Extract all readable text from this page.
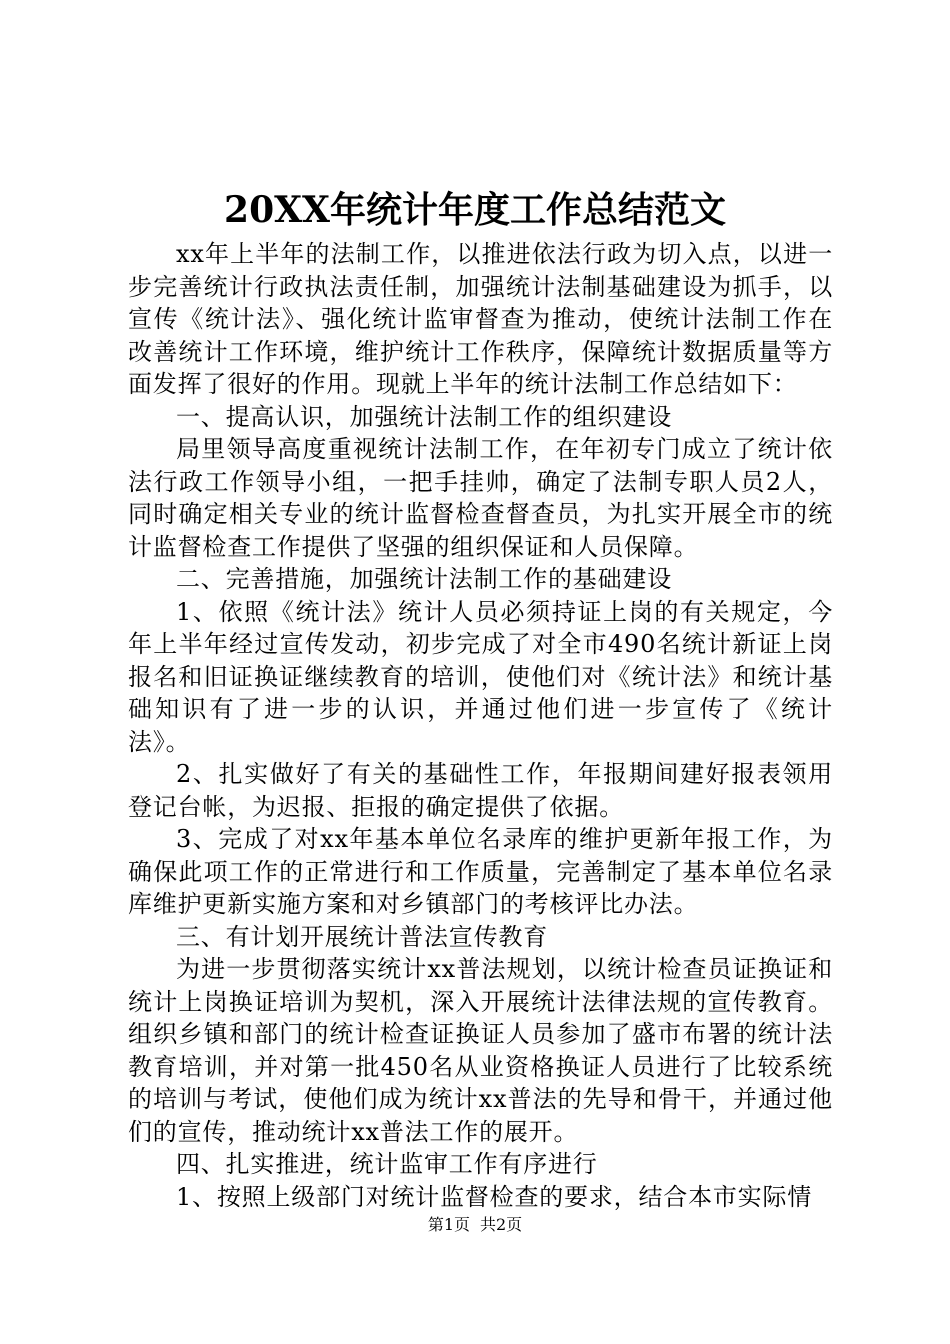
20XX年统计年度工作总结范文

xx年上半年的法制工作，以推进依法行政为切入点，以进一步完善统计行政执法责任制，加强统计法制基础建设为抓手，以宣传《统计法》、强化统计监审督查为推动，使统计法制工作在改善统计工作环境，维护统计工作秩序，保障统计数据质量等方面发挥了很好的作用。现就上半年的统计法制工作总结如下：

一、提高认识，加强统计法制工作的组织建设

局里领导高度重视统计法制工作，在年初专门成立了统计依法行政工作领导小组，一把手挂帅，确定了法制专职人员2人，同时确定相关专业的统计监督检查督查员，为扎实开展全市的统计监督检查工作提供了坚强的组织保证和人员保障。

二、完善措施，加强统计法制工作的基础建设

1、依照《统计法》统计人员必须持证上岗的有关规定，今年上半年经过宣传发动，初步完成了对全市490名统计新证上岗报名和旧证换证继续教育的培训，使他们对《统计法》和统计基础知识有了进一步的认识，并通过他们进一步宣传了《统计法》。

2、扎实做好了有关的基础性工作，年报期间建好报表领用登记台帐，为迟报、拒报的确定提供了依据。

3、完成了对xx年基本单位名录库的维护更新年报工作，为确保此项工作的正常进行和工作质量，完善制定了基本单位名录库维护更新实施方案和对乡镇部门的考核评比办法。

三、有计划开展统计普法宣传教育

为进一步贯彻落实统计xx普法规划，以统计检查员证换证和统计上岗换证培训为契机，深入开展统计法律法规的宣传教育。组织乡镇和部门的统计检查证换证人员参加了盛市布署的统计法教育培训，并对第一批450名从业资格换证人员进行了比较系统的培训与考试，使他们成为统计xx普法的先导和骨干，并通过他们的宣传，推动统计xx普法工作的展开。

四、扎实推进，统计监审工作有序进行

1、按照上级部门对统计监督检查的要求，结合本市实际情

第1页 共2页
